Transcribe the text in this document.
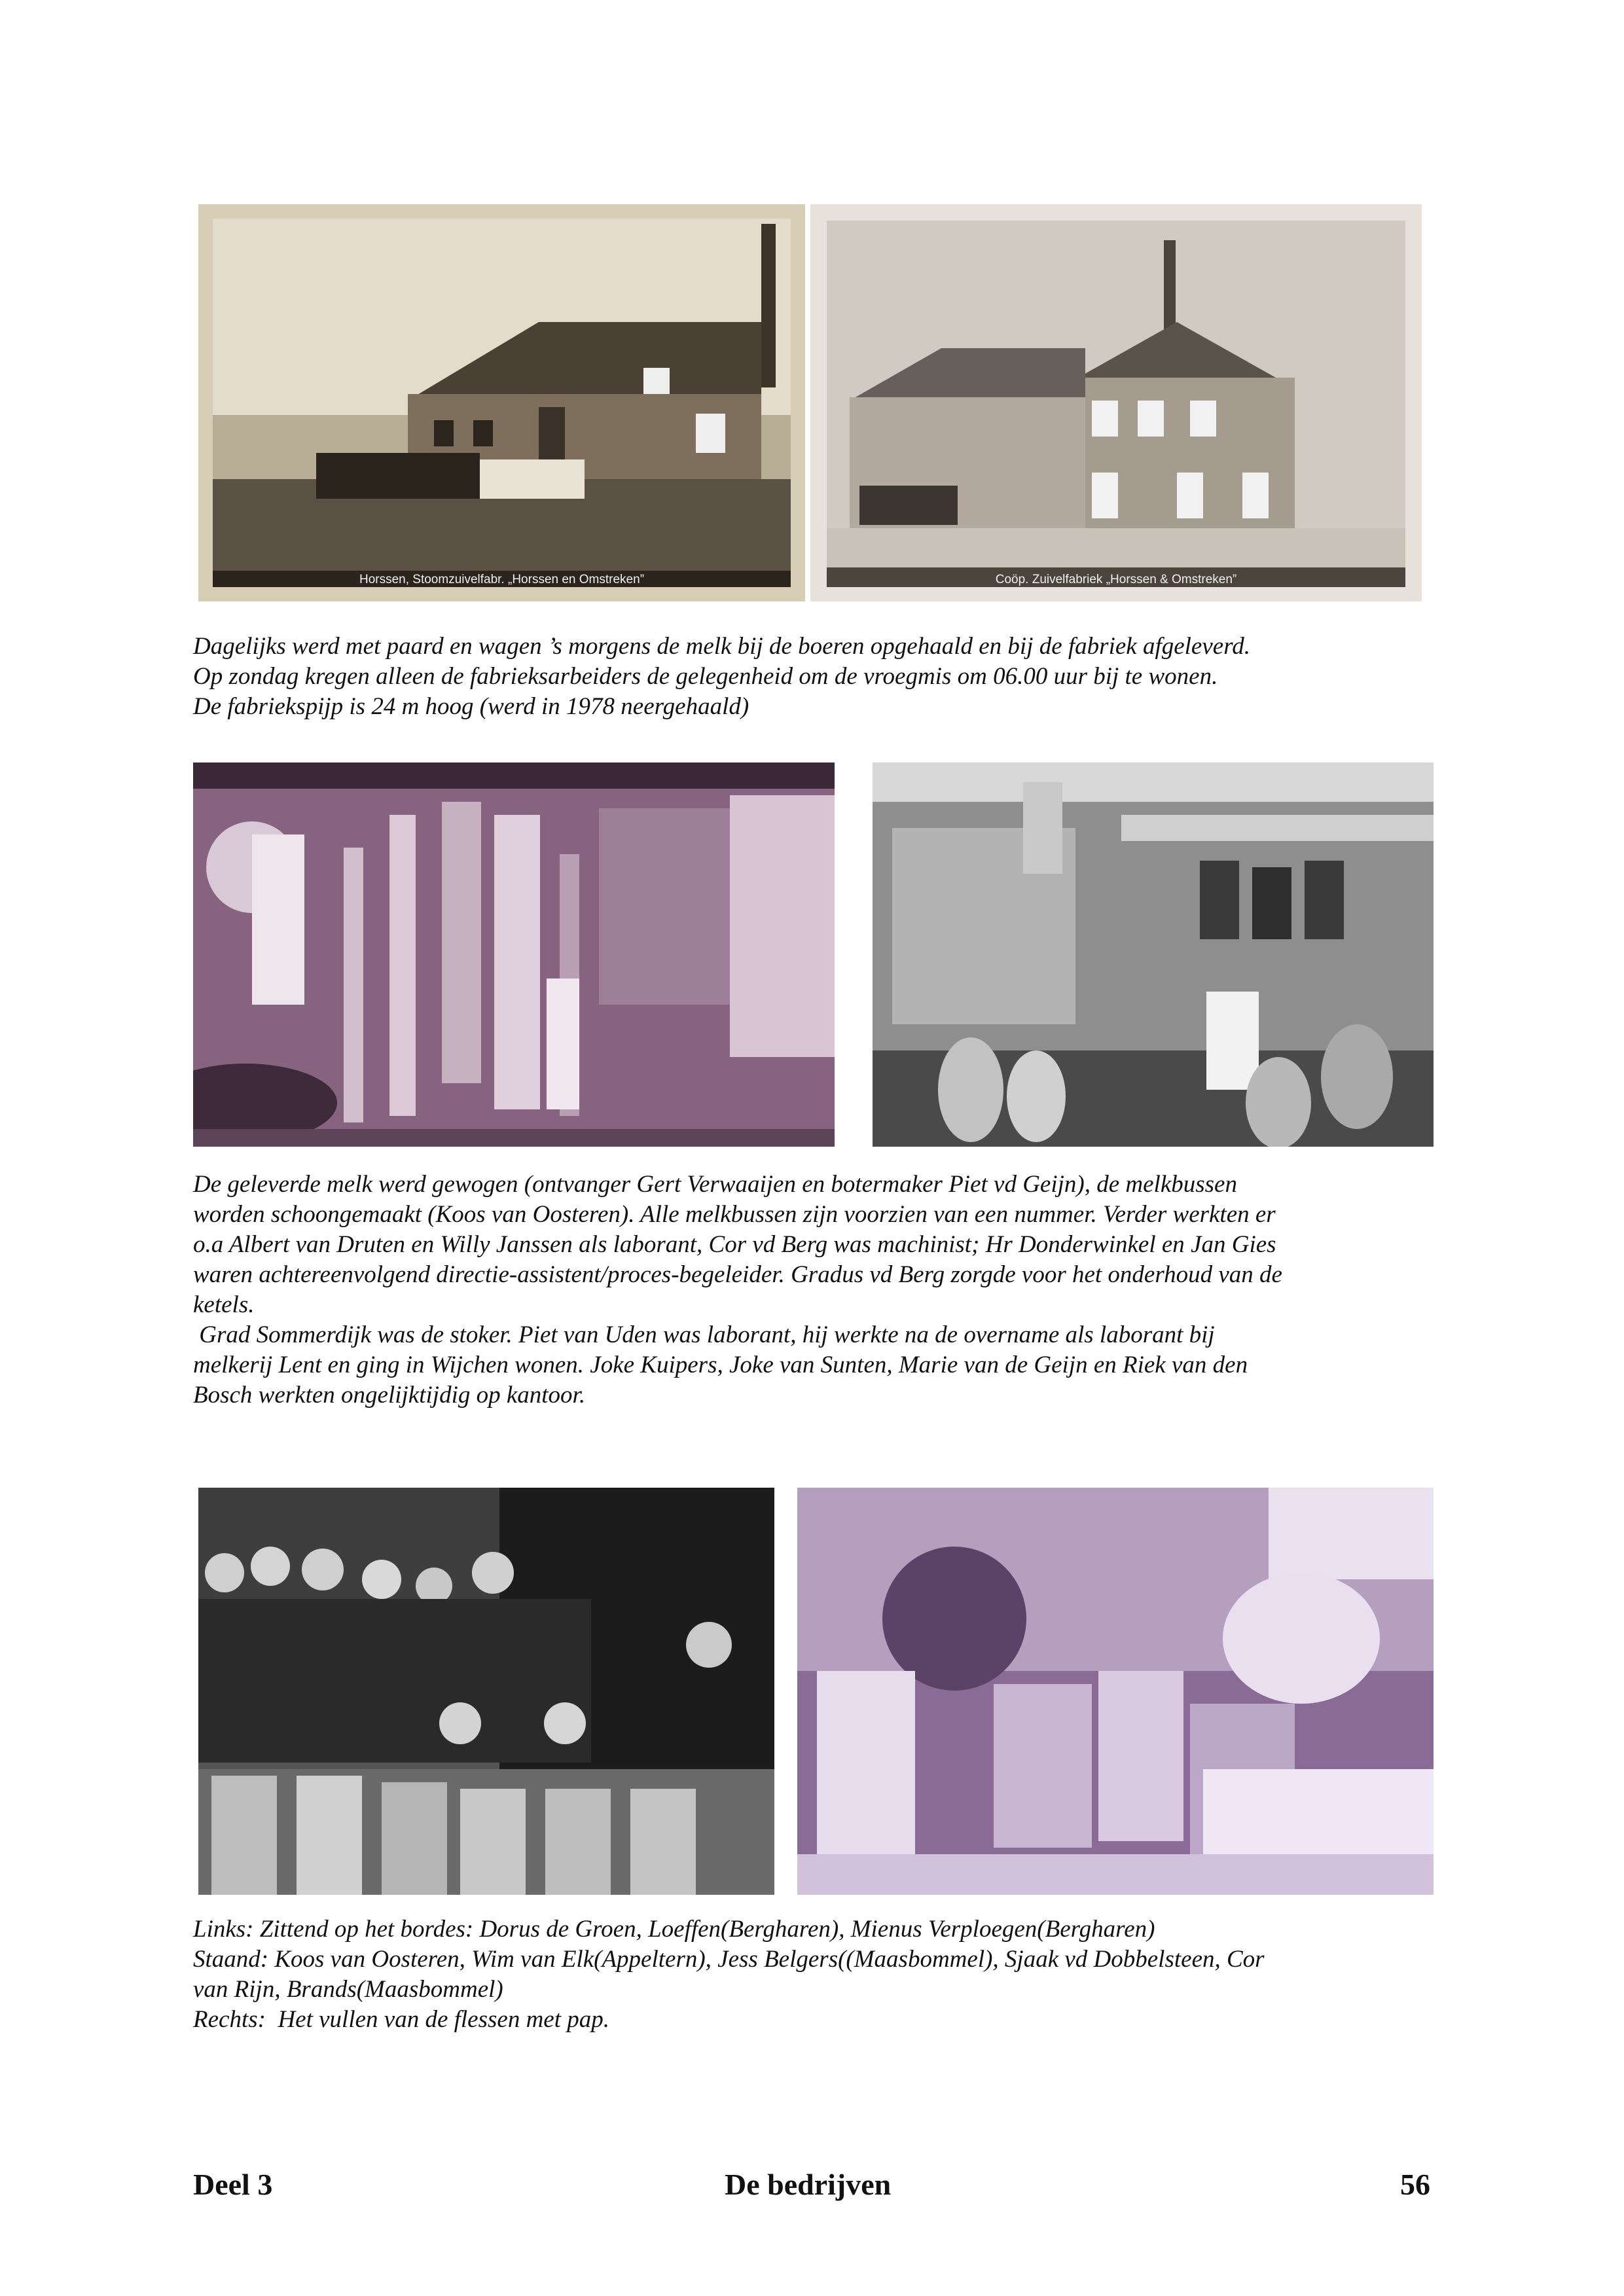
Horssen, Stoomzuivelfabr. „Horssen en Omstreken”	Coöp. Zuivelfabriek „Horssen & Omstreken”

Dagelijks werd met paard en wagen ’s morgens de melk bij de boeren opgehaald en bij de fabriek afgeleverd.

Op zondag kregen alleen de fabrieksarbeiders de gelegenheid om de vroegmis om 06.00 uur bij te wonen.

De fabriekspijp is 24 m hoog (werd in 1978 neergehaald)

De geleverde melk werd gewogen (ontvanger Gert Verwaaijen en botermaker Piet vd Geijn), de melkbussen

worden schoongemaakt (Koos van Oosteren). Alle melkbussen zijn voorzien van een nummer. Verder werkten er

o.a Albert van Druten en Willy Janssen als laborant, Cor vd Berg was machinist; Hr Donderwinkel en Jan Gies

waren achtereenvolgend directie-assistent/proces-begeleider. Gradus vd Berg zorgde voor het onderhoud van de

ketels.

Grad Sommerdijk was de stoker. Piet van Uden was laborant, hij werkte na de overname als laborant bij

melkerij Lent en ging in Wijchen wonen. Joke Kuipers, Joke van Sunten, Marie van de Geijn en Riek van den

Bosch werkten ongelijktijdig op kantoor.

Links: Zittend op het bordes: Dorus de Groen, Loeffen(Bergharen), Mienus Verploegen(Bergharen)

Staand: Koos van Oosteren, Wim van Elk(Appeltern), Jess Belgers((Maasbommel), Sjaak vd Dobbelsteen, Cor

van Rijn, Brands(Maasbommel)

Rechts:  Het vullen van de flessen met pap.

Deel 3	De bedrijven	56
